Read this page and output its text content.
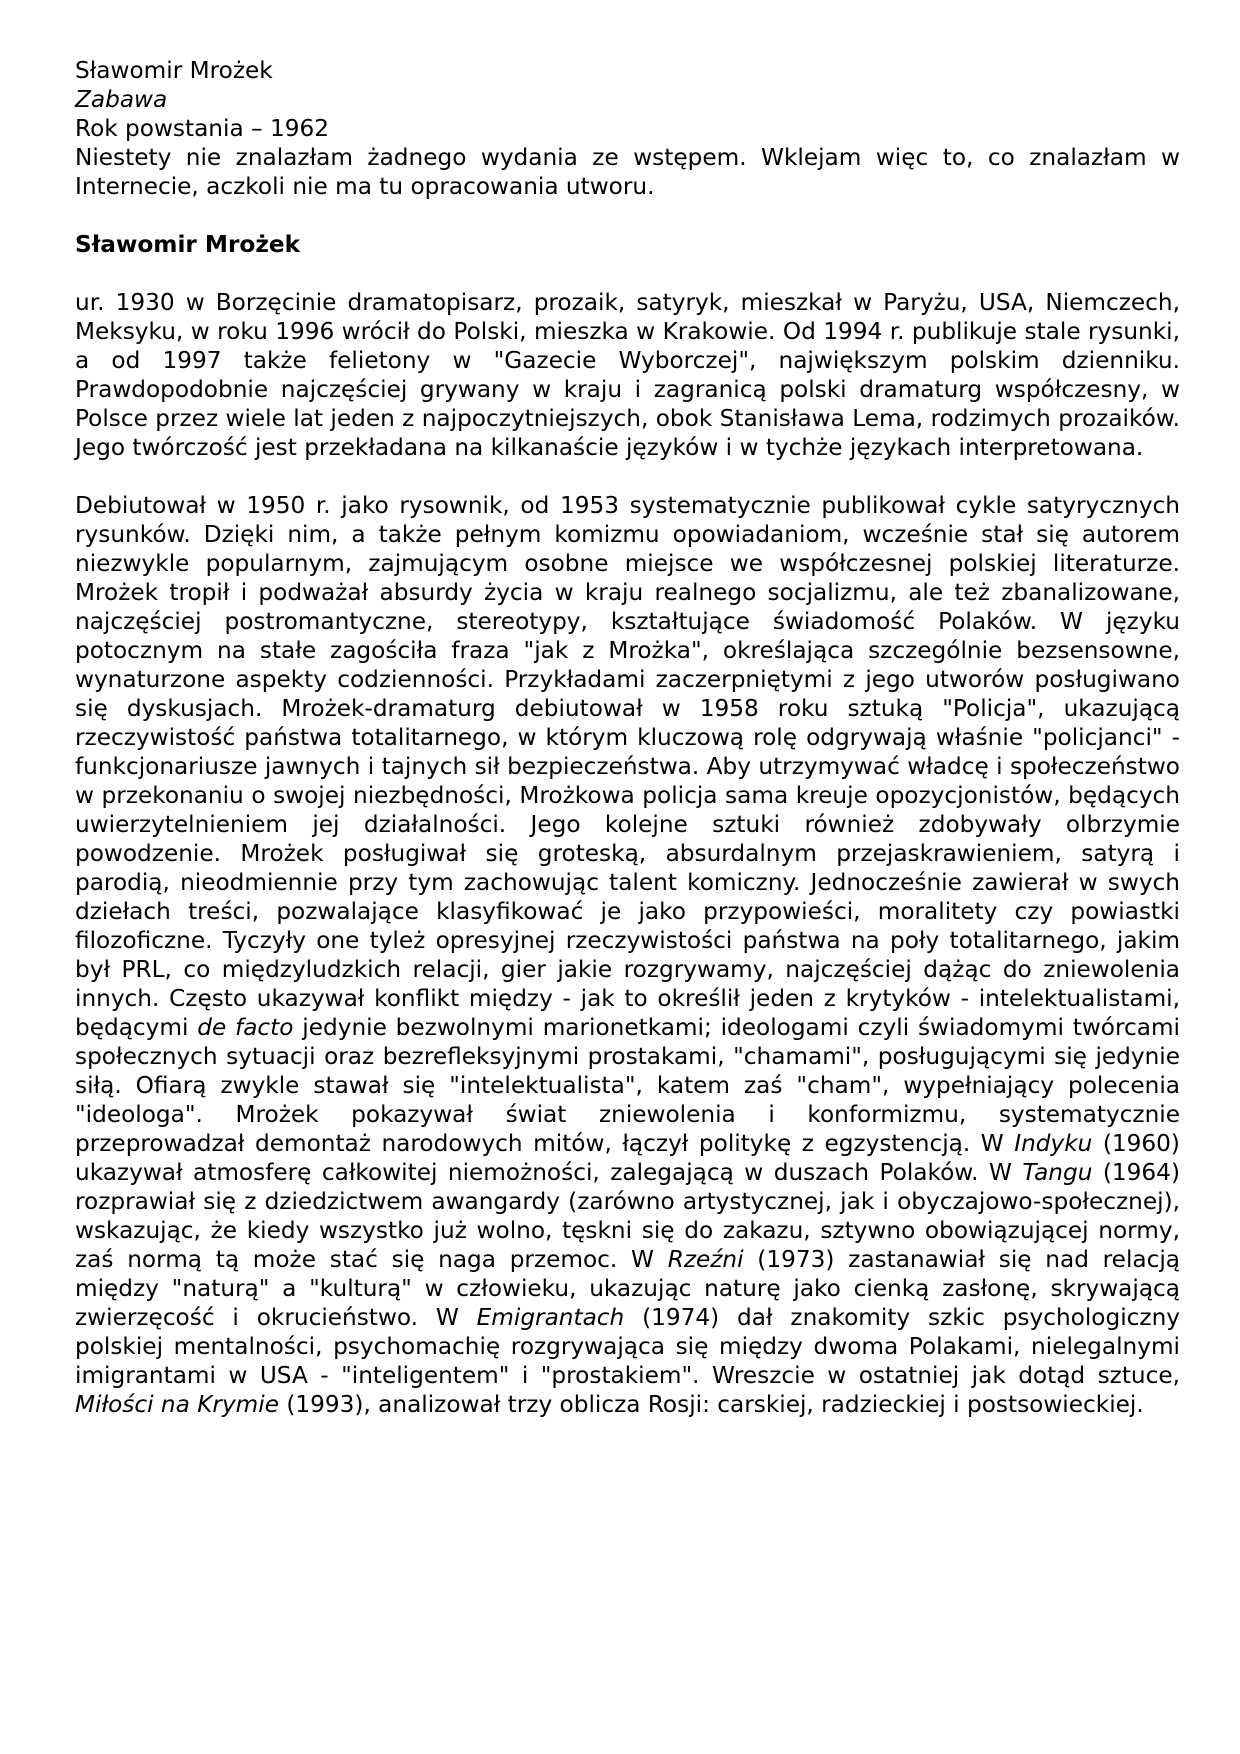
Sławomir Mrożek
Zabawa
Rok powstania – 1962

Niestety nie znalazłam żadnego wydania ze wstępem. Wklejam więc to, co znalazłam w Internecie, aczkoli nie ma tu opracowania utworu.

Sławomir Mrożek

ur. 1930 w Borzęcinie dramatopisarz, prozaik, satyryk, mieszkał w Paryżu, USA, Niemczech, Meksyku, w roku 1996 wrócił do Polski, mieszka w Krakowie. Od 1994 r. publikuje stale rysunki, a od 1997 także felietony w "Gazecie Wyborczej", największym polskim dzienniku. Prawdopodobnie najczęściej grywany w kraju i zagranicą polski dramaturg współczesny, w Polsce przez wiele lat jeden z najpoczytniejszych, obok Stanisława Lema, rodzimych prozaików. Jego twórczość jest przekładana na kilkanaście języków i w tychże językach interpretowana.

Debiutował w 1950 r. jako rysownik, od 1953 systematycznie publikował cykle satyrycznych rysunków. Dzięki nim, a także pełnym komizmu opowiadaniom, wcześnie stał się autorem niezwykle popularnym, zajmującym osobne miejsce we współczesnej polskiej literaturze. Mrożek tropił i podważał absurdy życia w kraju realnego socjalizmu, ale też zbanalizowane, najczęściej postromantyczne, stereotypy, kształtujące świadomość Polaków. W języku potocznym na stałe zagościła fraza "jak z Mrożka", określająca szczególnie bezsensowne, wynaturzone aspekty codzienności. Przykładami zaczerpniętymi z jego utworów posługiwano się dyskusjach. Mrożek-dramaturg debiutował w 1958 roku sztuką "Policja", ukazującą rzeczywistość państwa totalitarnego, w którym kluczową rolę odgrywają właśnie "policjanci" - funkcjonariusze jawnych i tajnych sił bezpieczeństwa. Aby utrzymywać władcę i społeczeństwo w przekonaniu o swojej niezbędności, Mrożkowa policja sama kreuje opozycjonistów, będących uwierzytelnieniem jej działalności. Jego kolejne sztuki również zdobywały olbrzymie powodzenie. Mrożek posługiwał się groteską, absurdalnym przejaskrawieniem, satyrą i parodią, nieodmiennie przy tym zachowując talent komiczny. Jednocześnie zawierał w swych dziełach treści, pozwalające klasyfikować je jako przypowieści, moralitety czy powiastki filozoficzne. Tyczyły one tyleż opresyjnej rzeczywistości państwa na poły totalitarnego, jakim był PRL, co międzyludzkich relacji, gier jakie rozgrywamy, najczęściej dążąc do zniewolenia innych. Często ukazywał konflikt między - jak to określił jeden z krytyków - intelektualistami, będącymi de facto jedynie bezwolnymi marionetkami; ideologami czyli świadomymi twórcami społecznych sytuacji oraz bezrefleksyjnymi prostakami, "chamami", posługującymi się jedynie siłą. Ofiarą zwykle stawał się "intelektualista", katem zaś "cham", wypełniający polecenia "ideologa". Mrożek pokazywał świat zniewolenia i konformizmu, systematycznie przeprowadzał demontaż narodowych mitów, łączył politykę z egzystencją. W Indyku (1960) ukazywał atmosferę całkowitej niemożności, zalegającą w duszach Polaków. W Tangu (1964) rozprawiał się z dziedzictwem awangardy (zarówno artystycznej, jak i obyczajowo-społecznej), wskazując, że kiedy wszystko już wolno, tęskni się do zakazu, sztywno obowiązującej normy, zaś normą tą może stać się naga przemoc. W Rzeźni (1973) zastanawiał się nad relacją między "naturą" a "kulturą" w człowieku, ukazując naturę jako cienką zasłonę, skrywającą zwierzęcość i okrucieństwo. W Emigrantach (1974) dał znakomity szkic psychologiczny polskiej mentalności, psychomachię rozgrywająca się między dwoma Polakami, nielegalnymi imigrantami w USA - "inteligentem" i "prostakiem". Wreszcie w ostatniej jak dotąd sztuce, Miłości na Krymie (1993), analizował trzy oblicza Rosji: carskiej, radzieckiej i postsowieckiej.
